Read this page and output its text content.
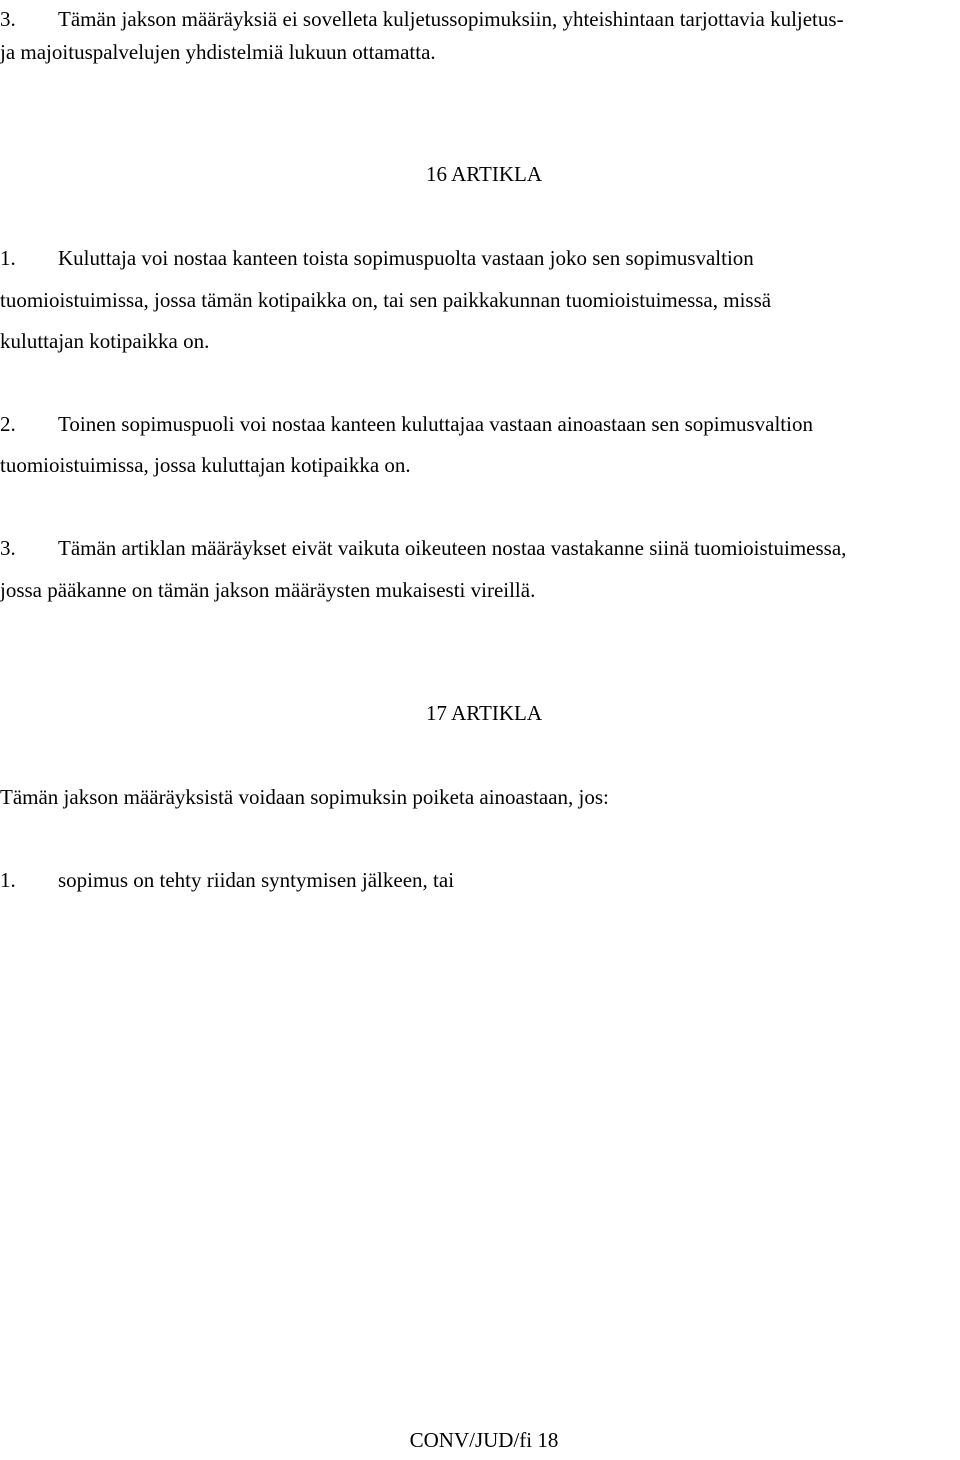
3. Tämän jakson määräyksiä ei sovelleta kuljetussopimuksiin, yhteishintaan tarjottavia kuljetus-
ja majoituspalvelujen yhdistelmiä lukuun ottamatta.
16 ARTIKLA
1. Kuluttaja voi nostaa kanteen toista sopimuspuolta vastaan joko sen sopimusvaltion
tuomioistuimissa, jossa tämän kotipaikka on, tai sen paikkakunnan tuomioistuimessa, missä
kuluttajan kotipaikka on.
2. Toinen sopimuspuoli voi nostaa kanteen kuluttajaa vastaan ainoastaan sen sopimusvaltion
tuomioistuimissa, jossa kuluttajan kotipaikka on.
3. Tämän artiklan määräykset eivät vaikuta oikeuteen nostaa vastakanne siinä tuomioistuimessa,
jossa pääkanne on tämän jakson määräysten mukaisesti vireillä.
17 ARTIKLA
Tämän jakson määräyksistä voidaan sopimuksin poiketa ainoastaan, jos:
1. sopimus on tehty riidan syntymisen jälkeen, tai
CONV/JUD/fi 18
